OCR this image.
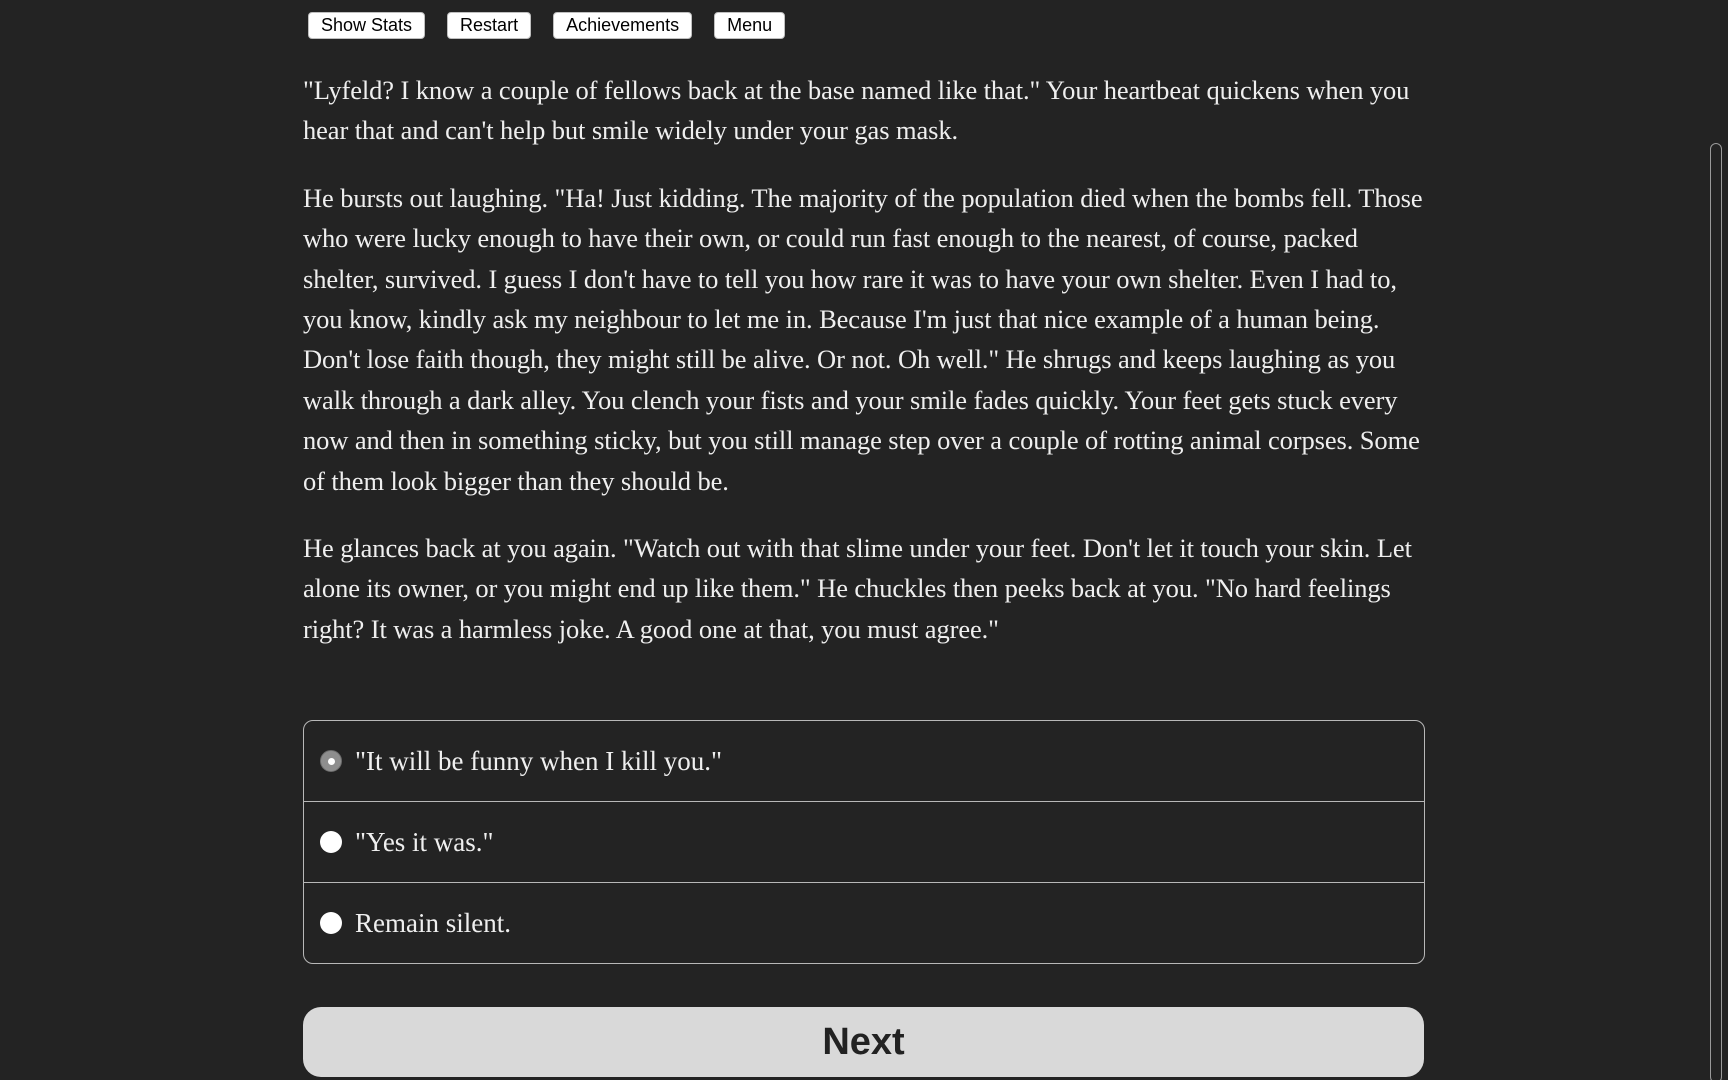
Show Stats	Restart	Achievements	Menu

"Lyfeld? I know a couple of fellows back at the base named like that." Your heartbeat quickens when you hear that and can't help but smile widely under your gas mask.

He bursts out laughing. "Ha! Just kidding. The majority of the population died when the bombs fell. Those who were lucky enough to have their own, or could run fast enough to the nearest, of course, packed shelter, survived. I guess I don't have to tell you how rare it was to have your own shelter. Even I had to, you know, kindly ask my neighbour to let me in. Because I'm just that nice example of a human being. Don't lose faith though, they might still be alive. Or not. Oh well." He shrugs and keeps laughing as you walk through a dark alley. You clench your fists and your smile fades quickly. Your feet gets stuck every now and then in something sticky, but you still manage step over a couple of rotting animal corpses. Some of them look bigger than they should be.

He glances back at you again. "Watch out with that slime under your feet. Don't let it touch your skin. Let alone its owner, or you might end up like them." He chuckles then peeks back at you. "No hard feelings right? It was a harmless joke. A good one at that, you must agree."

"It will be funny when I kill you."
"Yes it was."
Remain silent.
Next
